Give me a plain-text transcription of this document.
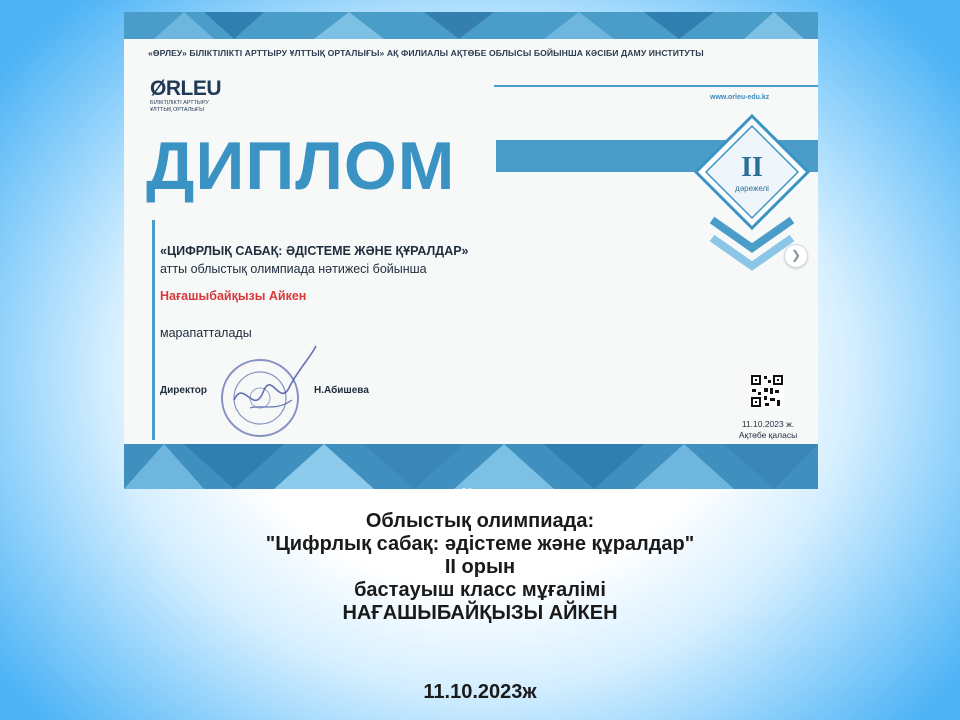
«ӨРЛЕУ» БІЛІКТІЛІКТІ АРТТЫРУ ҰЛТТЫҚ ОРТАЛЫҒЫ» АҚ ФИЛИАЛЫ АҚТӨБЕ ОБЛЫСЫ БОЙЫНША КӘСІБИ ДАМУ ИНСТИТУТЫ
ØRLEU
БІЛІКТІЛІКТІ АРТТЫРУ ҰЛТТЫҚ ОРТАЛЫҒЫ
www.orleu-edu.kz
ДИПЛОМ	II
дәрежелі
«ЦИФРЛЫҚ САБАҚ: ӘДІСТЕМЕ ЖӘНЕ ҚҰРАЛДАР»
атты облыстық олимпиада нәтижесі бойынша
Нағашыбайқызы Айкен
марапатталады
Директор	Н.Абишева
11.10.2023 ж.
Ақтөбе қаласы
❯
Облыстық олимпиада:
"Цифрлық сабақ: әдістеме және құралдар"
ІІ орын
бастауыш класс мұғалімі
НАҒАШЫБАЙҚЫЗЫ АЙКЕН
11.10.2023ж
